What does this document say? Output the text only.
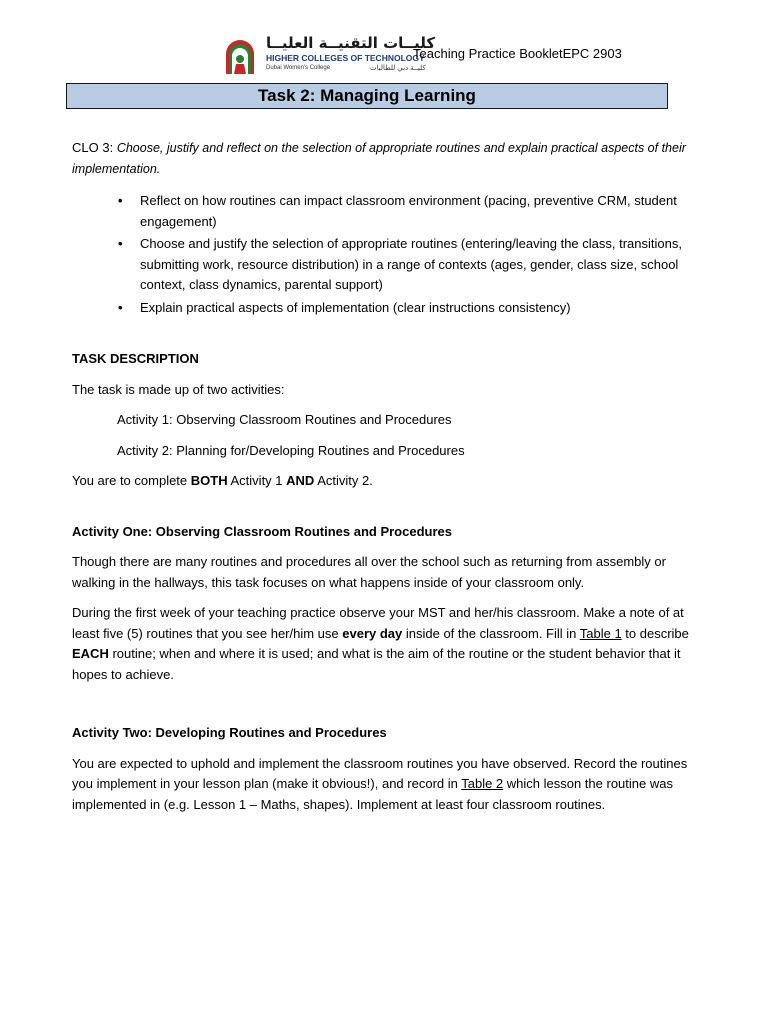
كليــات التقنيــة العليــا
HIGHER COLLEGES OF TECHNOLOGY
Dubai Women's College	كليــة دبي للطالبات
Teaching Practice BookletEPC 2903
Task 2: Managing Learning

CLO 3: Choose, justify and reflect on the selection of appropriate routines and explain practical aspects of their implementation.

• Reflect on how routines can impact classroom environment (pacing, preventive CRM, student engagement)
• Choose and justify the selection of appropriate routines (entering/leaving the class, transitions, submitting work, resource distribution) in a range of contexts (ages, gender, class size, school context, class dynamics, parental support)
• Explain practical aspects of implementation (clear instructions consistency)

TASK DESCRIPTION

The task is made up of two activities:

Activity 1: Observing Classroom Routines and Procedures

Activity 2: Planning for/Developing Routines and Procedures

You are to complete BOTH Activity 1 AND Activity 2.

Activity One: Observing Classroom Routines and Procedures

Though there are many routines and procedures all over the school such as returning from assembly or walking in the hallways, this task focuses on what happens inside of your classroom only.

During the first week of your teaching practice observe your MST and her/his classroom. Make a note of at least five (5) routines that you see her/him use every day inside of the classroom. Fill in Table 1 to describe EACH routine; when and where it is used; and what is the aim of the routine or the student behavior that it hopes to achieve.

Activity Two: Developing Routines and Procedures

You are expected to uphold and implement the classroom routines you have observed. Record the routines you implement in your lesson plan (make it obvious!), and record in Table 2 which lesson the routine was implemented in (e.g. Lesson 1 – Maths, shapes). Implement at least four classroom routines.
